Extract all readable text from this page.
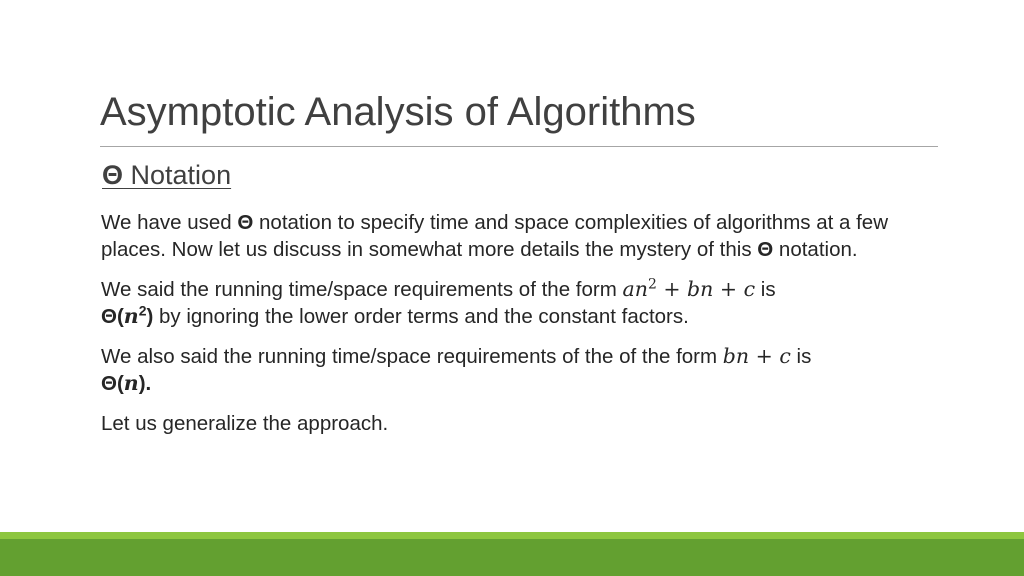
Asymptotic Analysis of Algorithms
Θ Notation

We have used Θ notation to specify time and space complexities of algorithms at a few places. Now let us discuss in somewhat more details the mystery of this Θ notation.

We said the running time/space requirements of the form $an^2$ + bn + c is
$\Theta(n^2)$ by ignoring the lower order terms and the constant factors.

We also said the running time/space requirements of the of the form bn + c is
Θ(n).

Let us generalize the approach.
